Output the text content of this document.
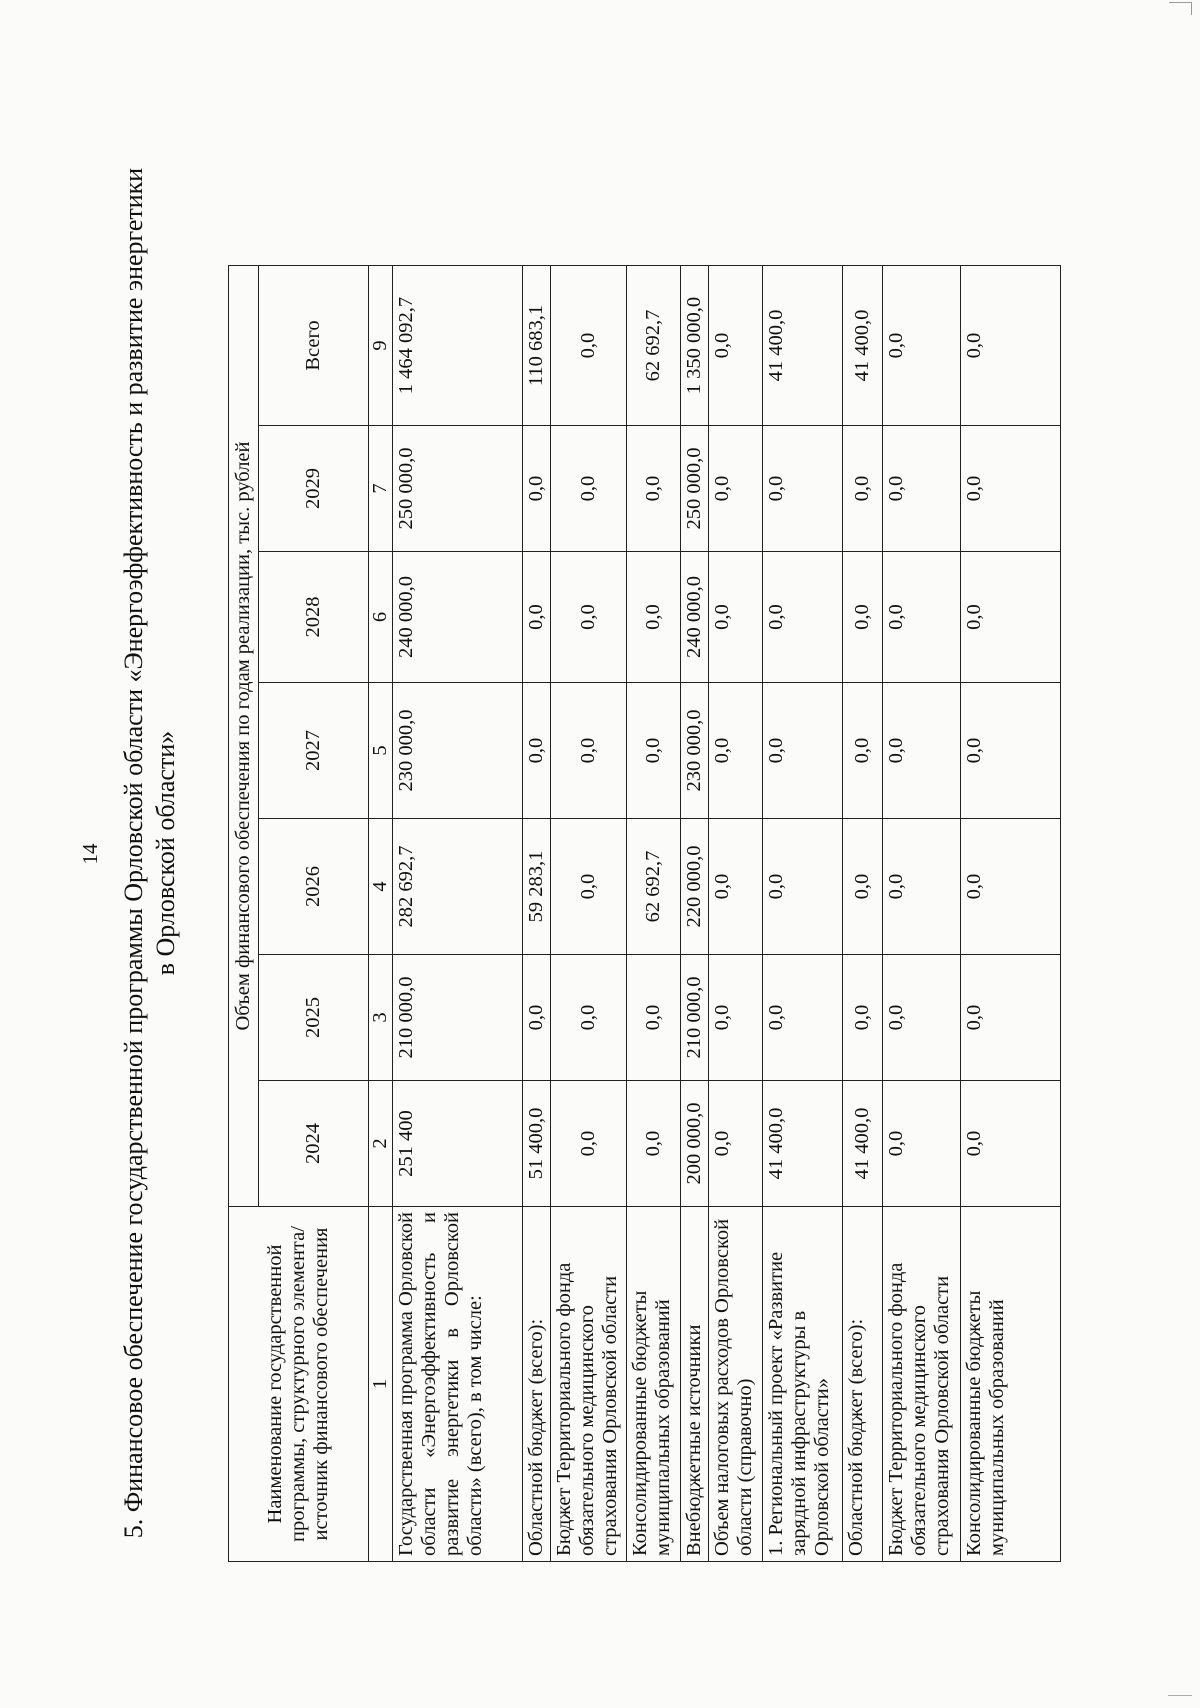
14 5. Финансовое обеспечение государственной программы Орловской области «Энергоэффективность и развитие энергетики в Орловской области»
Наименование государственной программы, структурного элемента/источник финансового обеспечения	Объем финансового обеспечения по годам реализации, тыс. рублей						
	2024	2025	2026	2027	2028	2029	Всего
1	2	3	4	5	6	7	9
Государственная программа Орловской области «Энергоэффективность и развитие энергетики в Орловской области» (всего), в том числе:	251 400	210 000,0	282 692,7	230 000,0	240 000,0	250 000,0	1 464 092,7
Областной бюджет (всего):	51 400,0	0,0	59 283,1	0,0	0,0	0,0	110 683,1
Бюджет Территориального фонда обязательного медицинского страхования Орловской области	0,0	0,0	0,0	0,0	0,0	0,0	0,0
Консолидированные бюджеты муниципальных образований	0,0	0,0	62 692,7	0,0	0,0	0,0	62 692,7
Внебюджетные источники	200 000,0	210 000,0	220 000,0	230 000,0	240 000,0	250 000,0	1 350 000,0
Объем налоговых расходов Орловской области (справочно)	0,0	0,0	0,0	0,0	0,0	0,0	0,0
1. Региональный проект «Развитие зарядной инфраструктуры в Орловской области»	41 400,0	0,0	0,0	0,0	0,0	0,0	41 400,0
Областной бюджет (всего):	41 400,0	0,0	0,0	0,0	0,0	0,0	41 400,0
Бюджет Территориального фонда обязательного медицинского страхования Орловской области	0,0	0,0	0,0	0,0	0,0	0,0	0,0
Консолидированные бюджеты муниципальных образований	0,0	0,0	0,0	0,0	0,0	0,0	0,0
